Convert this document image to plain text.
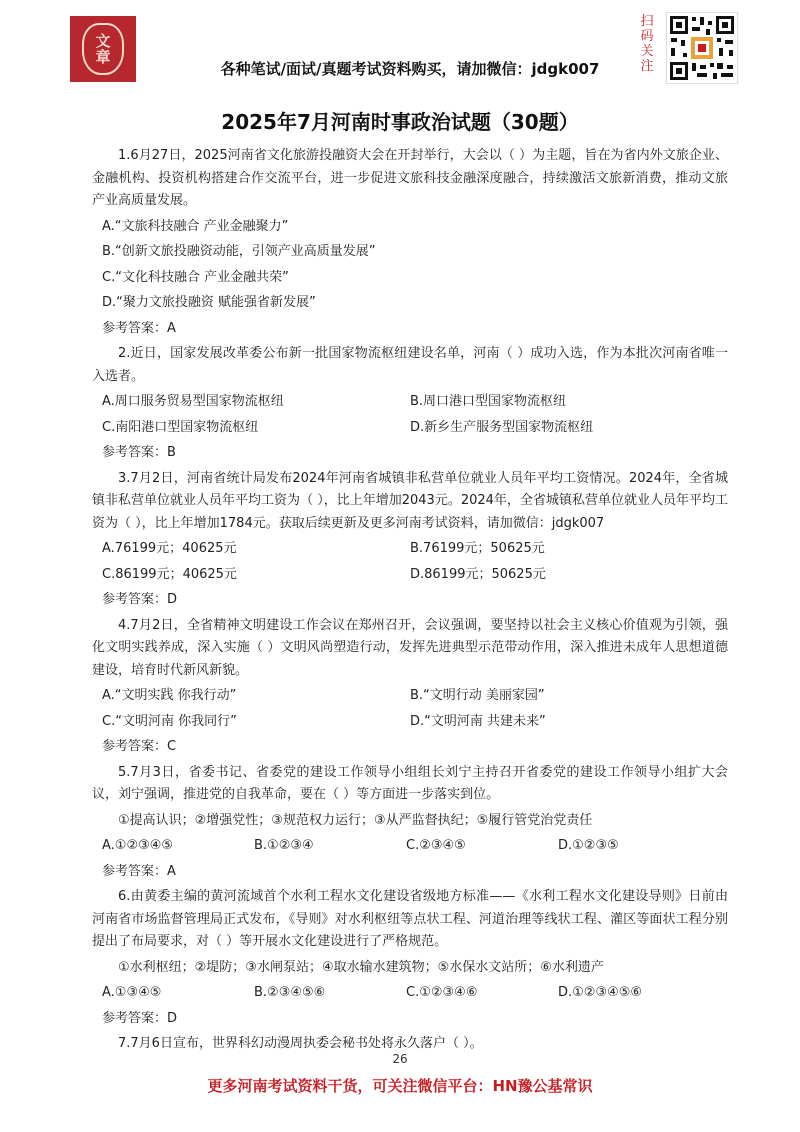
文章
各种笔试/面试/真题考试资料购买，请加微信：jdgk007
扫码关注
2025年7月河南时事政治试题（30题）
1.6月27日，2025河南省文化旅游投融资大会在开封举行，大会以（ ）为主题，旨在为省内外文旅企业、金融机构、投资机构搭建合作交流平台，进一步促进文旅科技金融深度融合，持续激活文旅新消费，推动文旅产业高质量发展。
A.“文旅科技融合 产业金融聚力”
B.“创新文旅投融资动能，引领产业高质量发展”
C.“文化科技融合 产业金融共荣”
D.“聚力文旅投融资 赋能强省新发展”
参考答案：A
2.近日，国家发展改革委公布新一批国家物流枢纽建设名单，河南（ ）成功入选，作为本批次河南省唯一入选者。
A.周口服务贸易型国家物流枢纽	B.周口港口型国家物流枢纽
C.南阳港口型国家物流枢纽	D.新乡生产服务型国家物流枢纽
参考答案：B
3.7月2日，河南省统计局发布2024年河南省城镇非私营单位就业人员年平均工资情况。2024年，全省城镇非私营单位就业人员年平均工资为（ ），比上年增加2043元。2024年，全省城镇私营单位就业人员年平均工资为（ ），比上年增加1784元。获取后续更新及更多河南考试资料，请加微信：jdgk007
A.76199元；40625元	B.76199元；50625元
C.86199元；40625元	D.86199元；50625元
参考答案：D
4.7月2日，全省精神文明建设工作会议在郑州召开，会议强调，要坚持以社会主义核心价值观为引领，强化文明实践养成，深入实施（ ）文明风尚塑造行动，发挥先进典型示范带动作用，深入推进未成年人思想道德建设，培育时代新风新貌。
A.“文明实践 你我行动”	B.“文明行动 美丽家园”
C.“文明河南 你我同行”	D.“文明河南 共建未来”
参考答案：C
5.7月3日，省委书记、省委党的建设工作领导小组组长刘宁主持召开省委党的建设工作领导小组扩大会议，刘宁强调，推进党的自我革命，要在（ ）等方面进一步落实到位。
①提高认识；②增强党性；③规范权力运行；③从严监督执纪；⑤履行管党治党责任
A.①②③④⑤	B.①②③④	C.②③④⑤	D.①②③⑤
参考答案：A
6.由黄委主编的黄河流域首个水利工程水文化建设省级地方标准——《水利工程水文化建设导则》日前由河南省市场监督管理局正式发布，《导则》对水利枢纽等点状工程、河道治理等线状工程、灌区等面状工程分别提出了布局要求，对（ ）等开展水文化建设进行了严格规范。
①水利枢纽；②堤防；③水闸泵站；④取水输水建筑物；⑤水保水文站所；⑥水利遗产
A.①③④⑤	B.②③④⑤⑥	C.①②③④⑥	D.①②③④⑤⑥
参考答案：D
7.7月6日宣布，世界科幻动漫周执委会秘书处将永久落户（ ）。
26
更多河南考试资料干货，可关注微信平台：HN豫公基常识
